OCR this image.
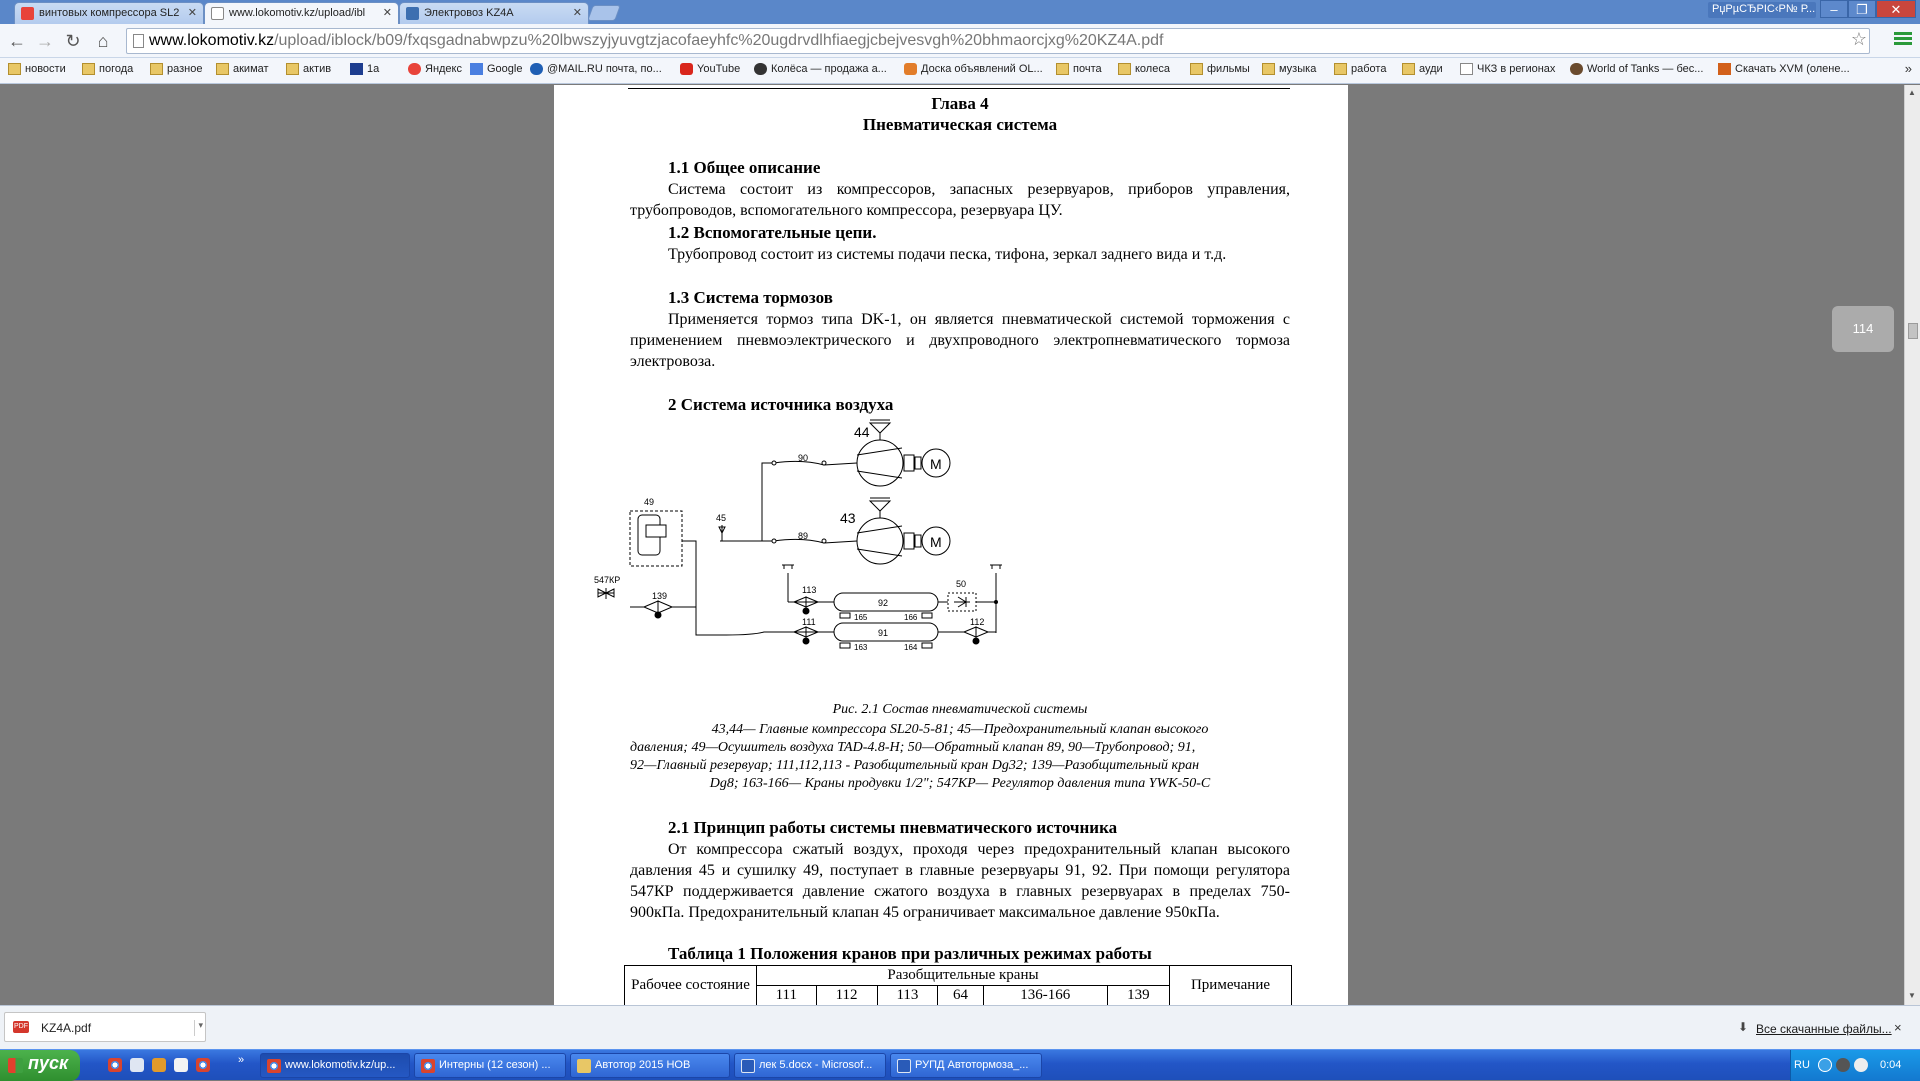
винтовых компрессора SL2 ✕	www.lokomotiv.kz/upload/ibl	✕	Электровоз KZ4A	✕	РџРµСЂРІС‹Р№ Р...	–	❐	✕
← → ↻ ⌂	www.lokomotiv.kz/upload/iblock/b09/fxqsgadnabwpzu%20lbwszyjyuvgtzjacofaeyhfc%20ugdrvdlhfiaegjcbejvesvgh%20bhmaorcjxg%20KZ4A.pdf	☆
новости	погода	разное	акимат	актив	1а	Яндекс	Google	@MAIL.RU почта, по...	YouTube	Колёса — продажа а...	Доска объявлений OL...	почта	колеса	фильмы	музыка	работа	ауди	ЧКЗ в регионах	World of Tanks — бес...	Скачать XVM (олене...	»
Глава 4
Пневматическая система
1.1 Общее описание
Система состоит из компрессоров, запасных резервуаров, приборов управления, трубопроводов, вспомогательного компрессора, резервуара ЦУ.
1.2 Вспомогательные цепи.
Трубопровод состоит из системы подачи песка, тифона, зеркал заднего вида и т.д.
1.3 Система тормозов
Применяется тормоз типа DK-1, он является пневматической системой торможения с применением пневмоэлектрического и двухпроводного электропневматического тормоза электровоза.
2 Система источника воздуха
44
M
43
M
90
89
49
45
547КР
139
92
113
165	166
50
91
111	112
163	164
Рис. 2.1 Состав пневматической системы
43,44— Главные компрессора SL20-5-81; 45—Предохранительный клапан высокого
давления; 49—Осушитель воздуха TAD-4.8-H; 50—Обратный клапан 89, 90—Трубопровод; 91,
92—Главный резервуар; 111,112,113 - Разобщительный кран Dg32; 139—Разобщительный кран
Dg8; 163-166— Краны продувки 1/2"; 547КР— Регулятор давления типа YWK-50-C
2.1 Принцип работы системы пневматического источника
От компрессора сжатый воздух, проходя через предохранительный клапан высокого давления 45 и сушилку 49, поступает в главные резервуары 91, 92. При помощи регулятора 547КР поддерживается давление сжатого воздуха в главных резервуарах в пределах 750-900кПа. Предохранительный клапан 45 ограничивает максимальное давление 950кПа.
Таблица 1 Положения кранов при различных режимах работы
Рабочее состояние	Разобщительные краны						Примечание
	111	112	113	64	136-166	139	
114
▲
▼
PDF KZ4A.pdf	▾	⬇ Все скачанные файлы... ×
пуск	»	www.lokomotiv.kz/up...	Интерны (12 сезон) ...	Автотор 2015 НОВ	лек 5.docx - Microsof...	РУПД Автотормоза_...	RU	0:04
